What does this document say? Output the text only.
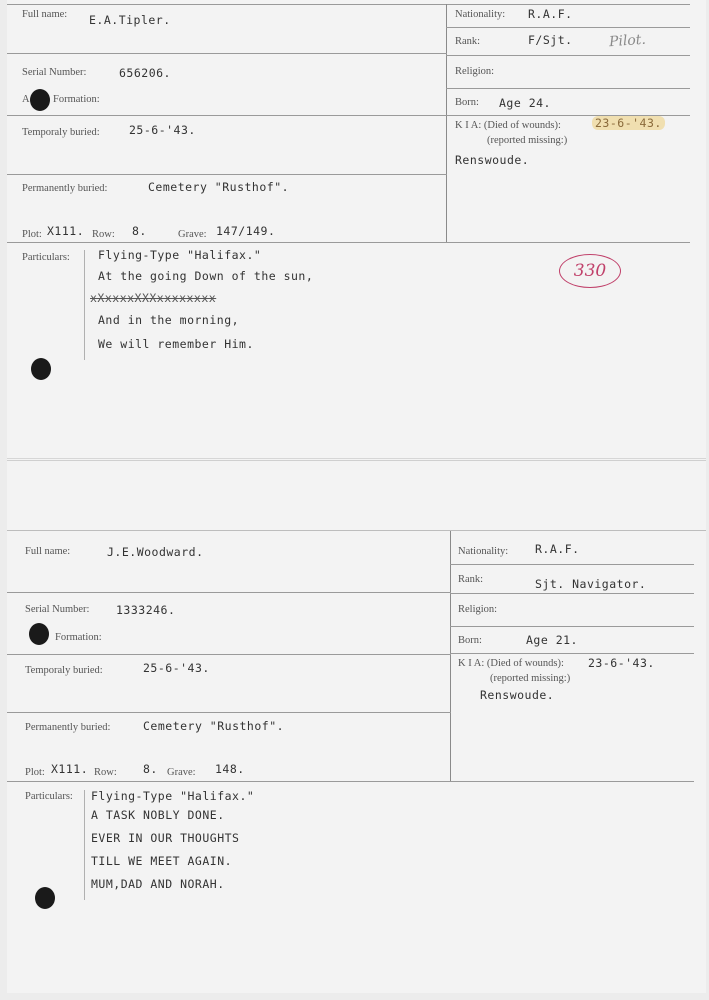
Full name: E.A.Tipler.
Serial Number:	656206.
A Formation:
Temporaly buried:	25-6-'43.
Permanently buried:	Cemetery "Rusthof".
Plot: X111. Row: 8.	Grave: 147/149.
Nationality: R.A.F.
Rank:	F/Sjt.	Pilot.
Religion:
Born: Age 24.
K I A: (Died of wounds):
(reported missing:)
23-6-'43.
Renswoude.
Particulars: Flying-Type "Halifax."
At the going Down of the sun,
xXxxxxXXXxxxxxxxx
And in the morning,
We will remember Him.
330
Full name:	J.E.Woodward.
Serial Number: 1333246.
Formation:
Temporaly buried:	25-6-'43.
Permanently buried:	Cemetery "Rusthof".
Plot: X111. Row: 8. Grave: 148.
Nationality: R.A.F.
Rank:	Sjt. Navigator.
Religion:
Born:	Age 21.
K I A: (Died of wounds):
(reported missing:)
23-6-'43.
Renswoude.
Particulars: Flying-Type "Halifax."
A TASK NOBLY DONE.
EVER IN OUR THOUGHTS
TILL WE MEET AGAIN.
MUM,DAD AND NORAH.
